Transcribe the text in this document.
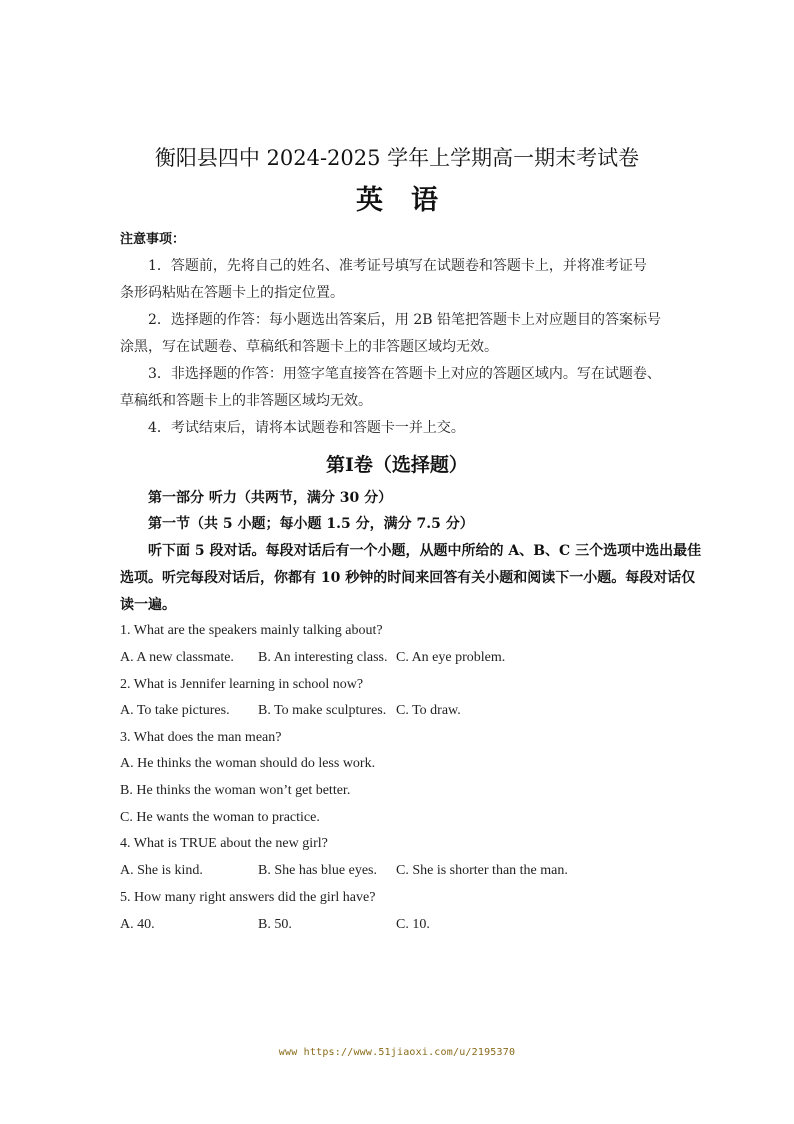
衡阳县四中 2024-2025 学年上学期高一期末考试卷
英语
注意事项：
1．答题前，先将自己的姓名、准考证号填写在试题卷和答题卡上，并将准考证号
条形码粘贴在答题卡上的指定位置。
2．选择题的作答：每小题选出答案后，用 2B 铅笔把答题卡上对应题目的答案标号
涂黑，写在试题卷、草稿纸和答题卡上的非答题区域均无效。
3．非选择题的作答：用签字笔直接答在答题卡上对应的答题区域内。写在试题卷、
草稿纸和答题卡上的非答题区域均无效。
4．考试结束后，请将本试题卷和答题卡一并上交。
第Ⅰ卷（选择题）
第一部分 听力（共两节，满分 30 分）
第一节（共 5 小题；每小题 1.5 分，满分 7.5 分）
听下面 5 段对话。每段对话后有一个小题，从题中所给的 A、B、C 三个选项中选出最佳
选项。听完每段对话后，你都有 10 秒钟的时间来回答有关小题和阅读下一小题。每段对话仅
读一遍。
1. What are the speakers mainly talking about?
A. A new classmate. B. An interesting class. C. An eye problem.
2. What is Jennifer learning in school now?
A. To take pictures. B. To make sculptures. C. To draw.
3. What does the man mean?
A. He thinks the woman should do less work.
B. He thinks the woman won’t get better.
C. He wants the woman to practice.
4. What is TRUE about the new girl?
A. She is kind.	B. She has blue eyes. C. She is shorter than the man.
5. How many right answers did the girl have?
A. 40.	B. 50.	C. 10.
www https://www.51jiaoxi.com/u/2195370
